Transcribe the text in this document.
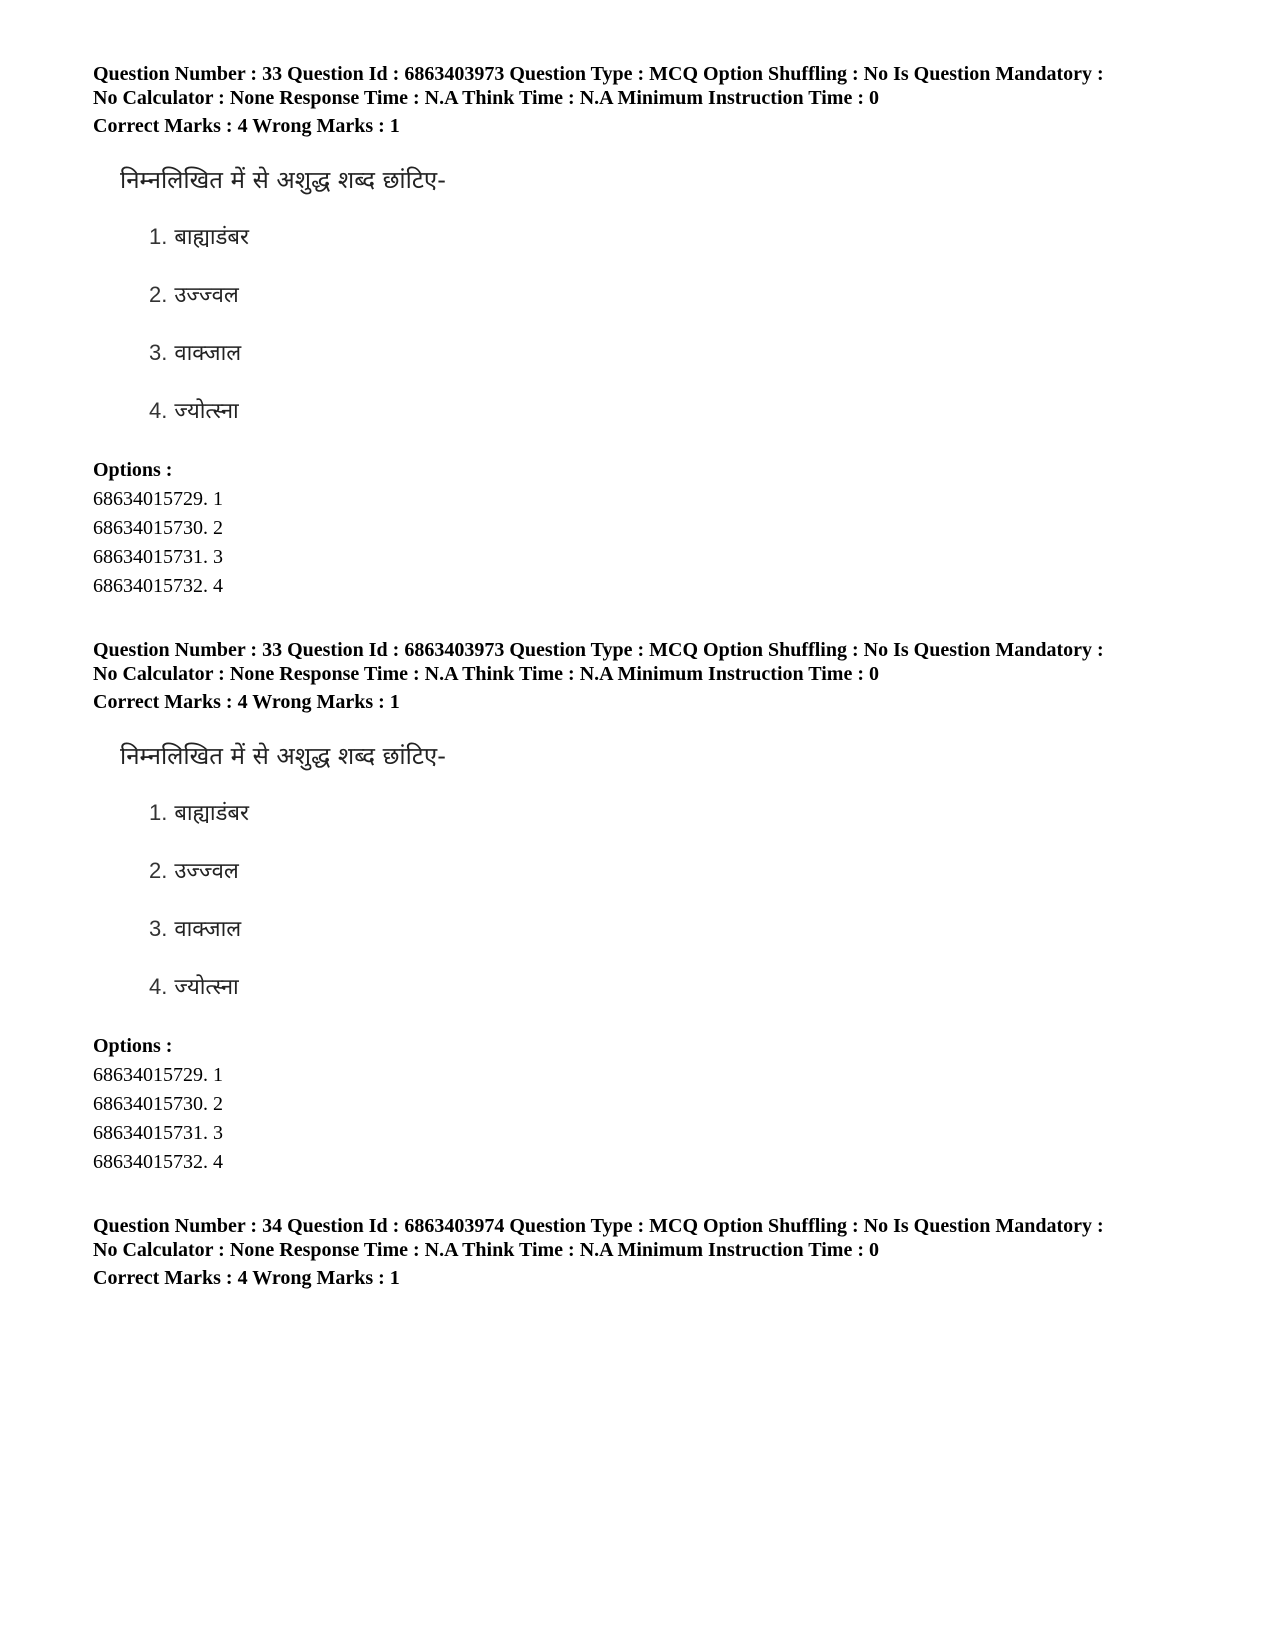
Question Number : 33 Question Id : 6863403973 Question Type : MCQ Option Shuffling : No Is Question Mandatory :
No Calculator : None Response Time : N.A Think Time : N.A Minimum Instruction Time : 0
Correct Marks : 4 Wrong Marks : 1
निम्नलिखित में से अशुद्ध शब्द छांटिए-
1. बाह्याडंबर
2. उज्ज्वल
3. वाक्जाल
4. ज्योत्स्ना
Options :
68634015729. 1
68634015730. 2
68634015731. 3
68634015732. 4
Question Number : 33 Question Id : 6863403973 Question Type : MCQ Option Shuffling : No Is Question Mandatory :
No Calculator : None Response Time : N.A Think Time : N.A Minimum Instruction Time : 0
Correct Marks : 4 Wrong Marks : 1
निम्नलिखित में से अशुद्ध शब्द छांटिए-
1. बाह्याडंबर
2. उज्ज्वल
3. वाक्जाल
4. ज्योत्स्ना
Options :
68634015729. 1
68634015730. 2
68634015731. 3
68634015732. 4
Question Number : 34 Question Id : 6863403974 Question Type : MCQ Option Shuffling : No Is Question Mandatory :
No Calculator : None Response Time : N.A Think Time : N.A Minimum Instruction Time : 0
Correct Marks : 4 Wrong Marks : 1
